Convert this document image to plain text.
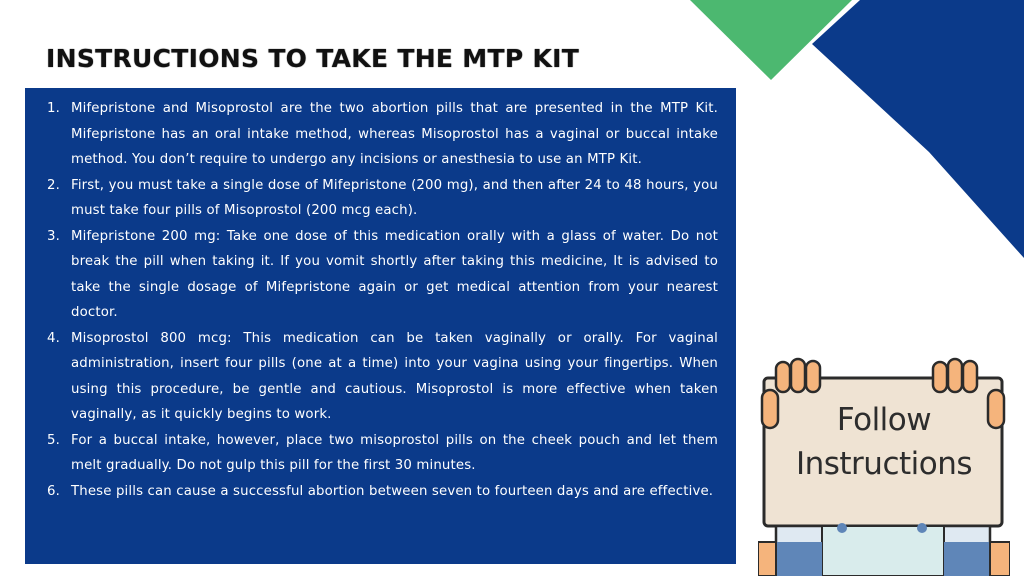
INSTRUCTIONS TO TAKE THE MTP KIT
1. Mifepristone and Misoprostol are the two abortion pills that are presented in the MTP Kit. Mifepristone has an oral intake method, whereas Misoprostol has a vaginal or buccal intake method. You don’t require to undergo any incisions or anesthesia to use an MTP Kit.
2. First, you must take a single dose of Mifepristone (200 mg), and then after 24 to 48 hours, you must take four pills of Misoprostol (200 mcg each).
3. Mifepristone 200 mg: Take one dose of this medication orally with a glass of water. Do not break the pill when taking it. If you vomit shortly after taking this medicine, It is advised to take the single dosage of Mifepristone again or get medical attention from your nearest doctor.
4. Misoprostol 800 mcg: This medication can be taken vaginally or orally. For vaginal administration, insert four pills (one at a time) into your vagina using your fingertips. When using this procedure, be gentle and cautious. Misoprostol is more effective when taken vaginally, as it quickly begins to work.
5. For a buccal intake, however, place two misoprostol pills on the cheek pouch and let them melt gradually. Do not gulp this pill for the first 30 minutes.
6. These pills can cause a successful abortion between seven to fourteen days and are effective.
Follow
Instructions
